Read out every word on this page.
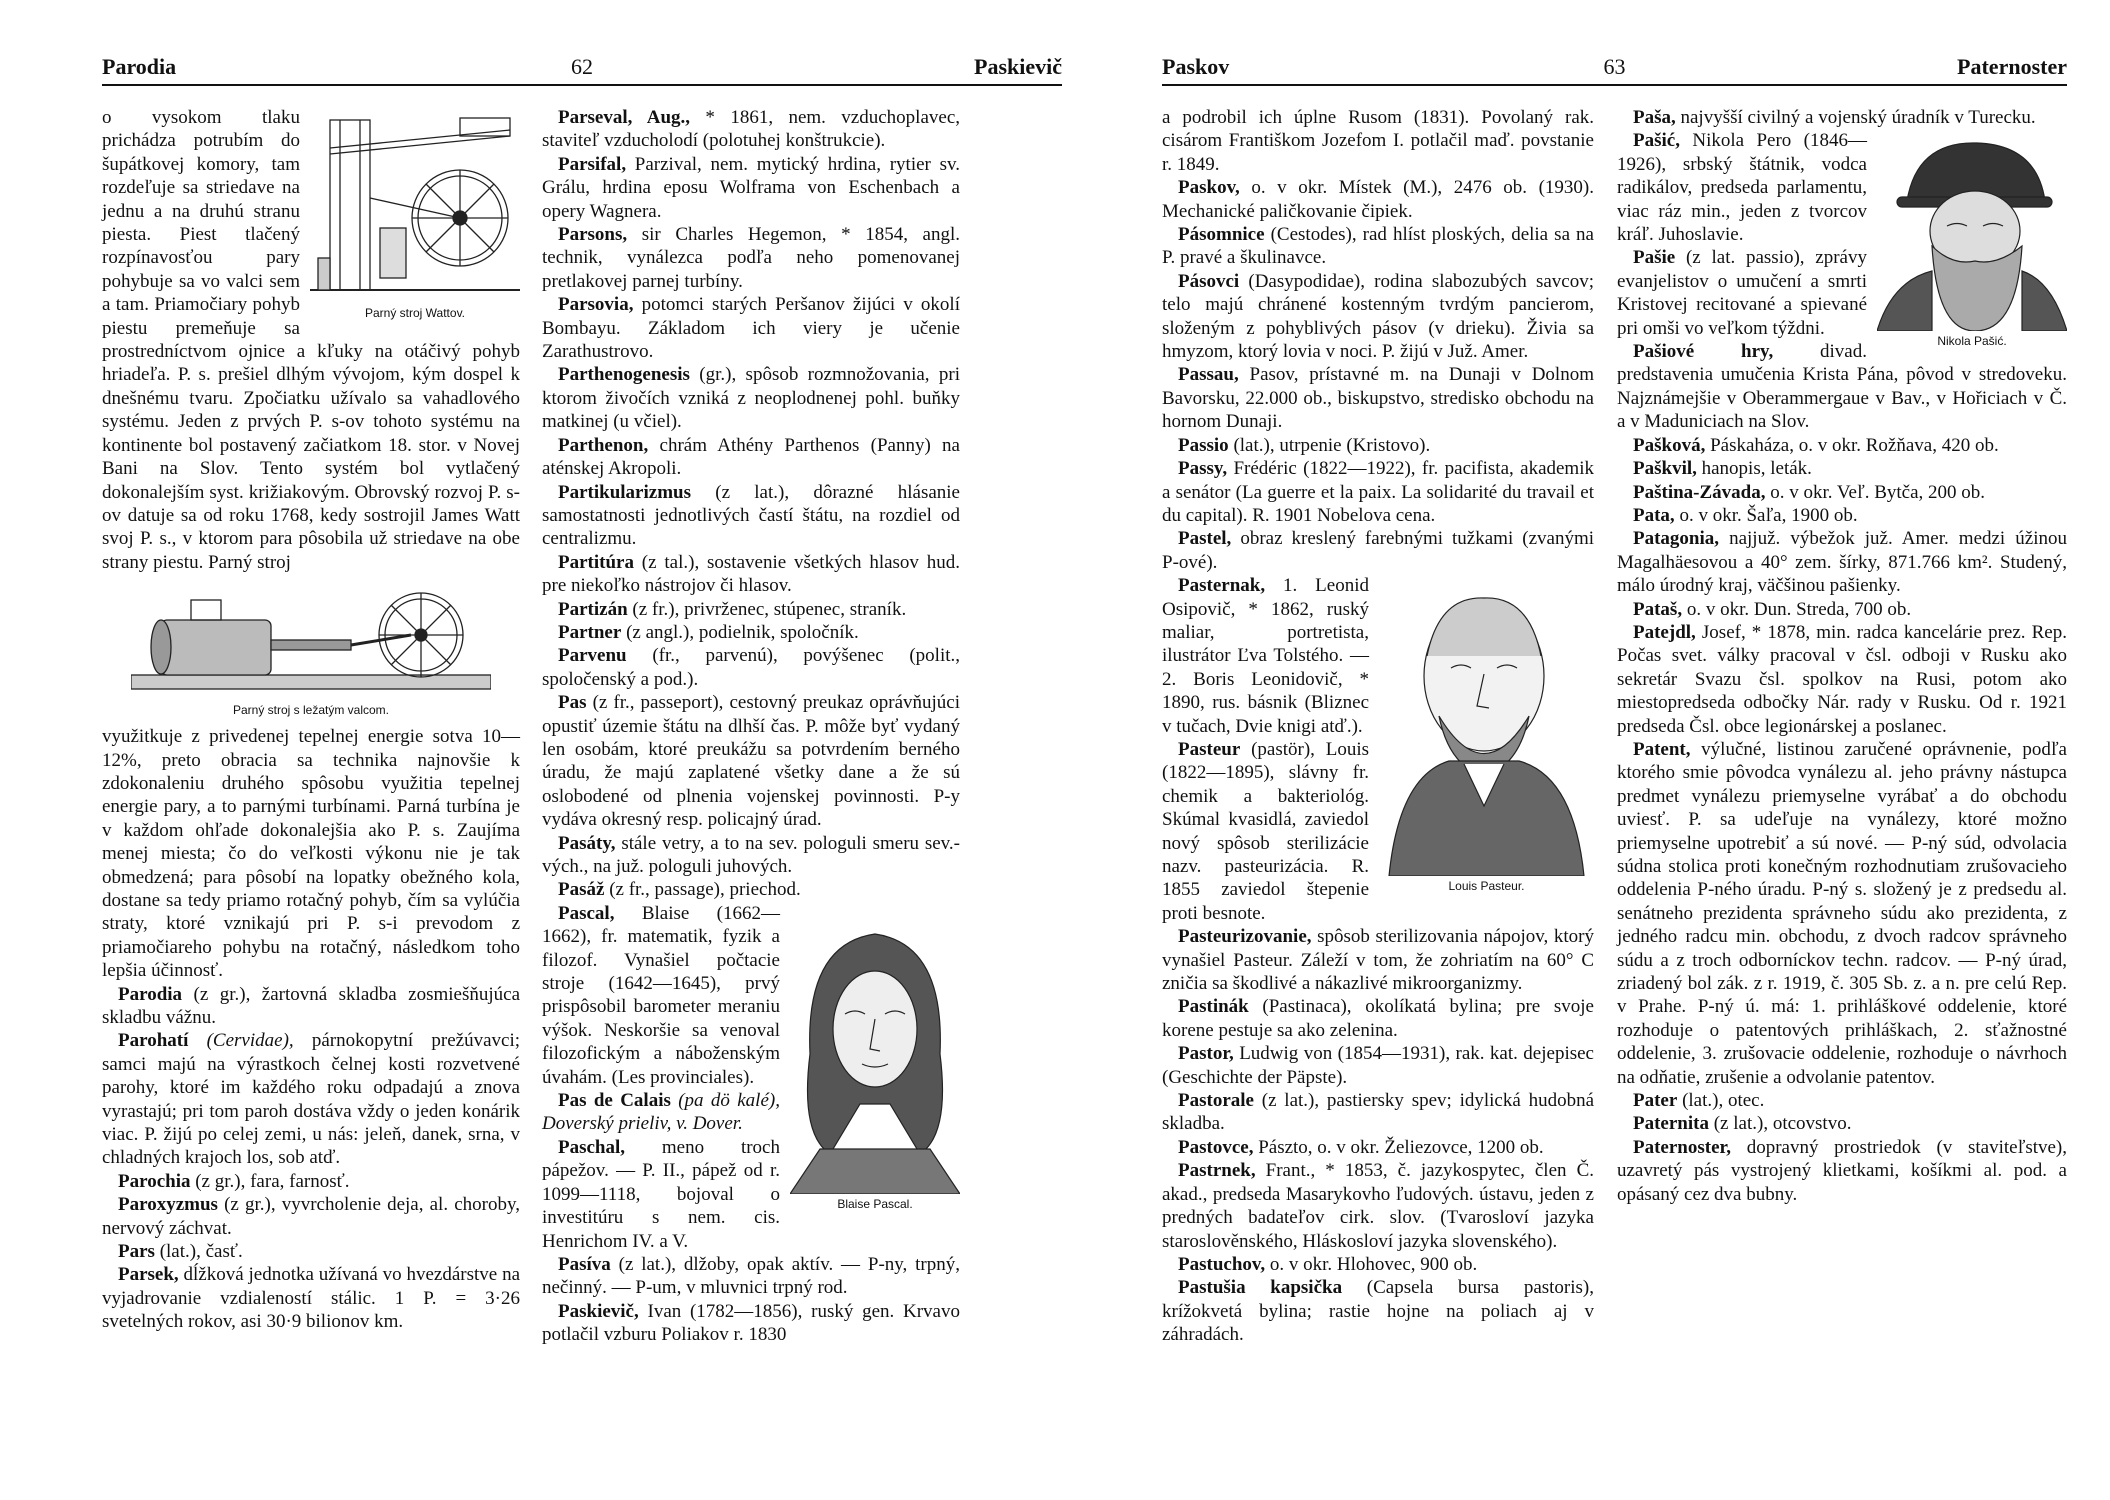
Parodia	62	Paskievič
Parný stroj Wattov.

o vysokom tlaku prichádza potrubím do šupátkovej komory, tam rozdeľuje sa striedave na jednu a na druhú stranu piesta. Piest tlačený rozpínavosťou pary pohybuje sa vo valci sem a tam. Priamočiary pohyb piestu premeňuje sa prostredníctvom ojnice a kľuky na otáčivý pohyb hriadeľa. P. s. prešiel dlhým vývojom, kým dospel k dnešnému tvaru. Zpočiatku užívalo sa vahadlového systému. Jeden z prvých P. s-ov tohoto systému na kontinente bol postavený začiatkom 18. stor. v Novej Bani na Slov. Tento systém bol vytlačený dokonalejším syst. križiakovým. Obrovský rozvoj P. s-ov datuje sa od roku 1768, kedy sostrojil James Watt svoj P. s., v ktorom para pôsobila už striedave na obe strany piestu. Parný stroj

Parný stroj s ležatým valcom.

využitkuje z privedenej tepelnej energie sotva 10—12%, preto obracia sa technika najnovšie k zdokonaleniu druhého spôsobu využitia tepelnej energie pary, a to parnými turbínami. Parná turbína je v každom ohľade dokonalejšia ako P. s. Zaujíma menej miesta; čo do veľkosti výkonu nie je tak obmedzená; para pôsobí na lopatky obežného kola, dostane sa tedy priamo rotačný pohyb, čím sa vylúčia straty, ktoré vznikajú pri P. s-i prevodom z priamočiareho pohybu na rotačný, následkom toho lepšia účinnosť.

Parodia (z gr.), žartovná skladba zosmiešňujúca skladbu vážnu.

Parohatí (Cervidae), párnokopytní prežúvavci; samci majú na výrastkoch čelnej kosti rozvetvené parohy, ktoré im každého roku odpadajú a znova vyrastajú; pri tom paroh dostáva vždy o jeden konárik viac. P. žijú po celej zemi, u nás: jeleň, danek, srna, v chladných krajoch los, sob atď.

Parochia (z gr.), fara, farnosť.

Paroxyzmus (z gr.), vyvrcholenie deja, al. choroby, nervový záchvat.

Pars (lat.), časť.

Parsek, dĺžková jednotka užívaná vo hvezdárstve na vyjadrovanie vzdialeností stálic. 1 P. = 3·26 svetelných rokov, asi 30·9 bilionov km.

Parseval, Aug., * 1861, nem. vzduchoplavec, staviteľ vzducholodí (polotuhej konštrukcie).

Parsifal, Parzival, nem. mytický hrdina, rytier sv. Grálu, hrdina eposu Wolframa von Eschenbach a opery Wagnera.

Parsons, sir Charles Hegemon, * 1854, angl. technik, vynálezca podľa neho pomenovanej pretlakovej parnej turbíny.

Parsovia, potomci starých Peršanov žijúci v okolí Bombayu. Základom ich viery je učenie Zarathustrovo.

Parthenogenesis (gr.), spôsob rozmnožovania, pri ktorom živočích vzniká z neoplodnenej pohl. buňky matkinej (u včiel).

Parthenon, chrám Athény Parthenos (Panny) na aténskej Akropoli.

Partikularizmus (z lat.), dôrazné hlásanie samostatnosti jednotlivých častí štátu, na rozdiel od centralizmu.

Partitúra (z tal.), sostavenie všetkých hlasov hud. pre niekoľko nástrojov či hlasov.

Partizán (z fr.), privrženec, stúpenec, straník.

Partner (z angl.), podielnik, spoločník.

Parvenu (fr., parvenú), povýšenec (polit., spoločenský a pod.).

Pas (z fr., passeport), cestovný preukaz oprávňujúci opustiť územie štátu na dlhší čas. P. môže byť vydaný len osobám, ktoré preukážu sa potvrdením berného úradu, že majú zaplatené všetky dane a že sú oslobodené od plnenia vojenskej povinnosti. P-y vydáva okresný resp. policajný úrad.

Pasáty, stále vetry, a to na sev. pologuli smeru sev.-vých., na juž. pologuli juhových.

Pasáž (z fr., passage), priechod.

Blaise Pascal.

Pascal, Blaise (1662—1662), fr. matematik, fyzik a filozof. Vynašiel počtacie stroje (1642—1645), prvý prispôsobil barometer meraniu výšok. Neskoršie sa venoval filozofickým a náboženským úvahám. (Les provinciales).

Pas de Calais (pa dö kalé), Doverský prieliv, v. Dover.

Paschal, meno troch pápežov. — P. II., pápež od r. 1099—1118, bojoval o investitúru s nem. cis. Henrichom IV. a V.

Pasíva (z lat.), dlžoby, opak aktív. — P-ny, trpný, nečinný. — P-um, v mluvnici trpný rod.

Paskievič, Ivan (1782—1856), ruský gen. Krvavo potlačil vzburu Poliakov r. 1830

Paskov	63	Paternoster

a podrobil ich úplne Rusom (1831). Povolaný rak. cisárom Františkom Jozefom I. potlačil maď. povstanie r. 1849.

Paskov, o. v okr. Místek (M.), 2476 ob. (1930). Mechanické paličkovanie čipiek.

Pásomnice (Cestodes), rad hlíst ploských, delia sa na P. pravé a škulinavce.

Pásovci (Dasypodidae), rodina slabozubých savcov; telo majú chránené kostenným tvrdým pancierom, složeným z pohyblivých pásov (v drieku). Živia sa hmyzom, ktorý lovia v noci. P. žijú v Juž. Amer.

Passau, Pasov, prístavné m. na Dunaji v Dolnom Bavorsku, 22.000 ob., biskupstvo, stredisko obchodu na hornom Dunaji.

Passio (lat.), utrpenie (Kristovo).

Passy, Frédéric (1822—1922), fr. pacifista, akademik a senátor (La guerre et la paix. La solidarité du travail et du capital). R. 1901 Nobelova cena.

Pastel, obraz kreslený farebnými tužkami (zvanými P-ové).

Louis Pasteur.

Pasternak, 1. Leonid Osipovič, * 1862, ruský maliar, portretista, ilustrátor Ľva Tolstého. — 2. Boris Leonidovič, * 1890, rus. básnik (Bliznec v tučach, Dvie knigi atď.).

Pasteur (pastör), Louis (1822—1895), slávny fr. chemik a bakteriológ. Skúmal kvasidlá, zaviedol nový spôsob sterilizácie nazv. pasteurizácia. R. 1855 zaviedol štepenie proti besnote.

Pasteurizovanie, spôsob sterilizovania nápojov, ktorý vynašiel Pasteur. Záleží v tom, že zohriatím na 60° C zničia sa škodlivé a nákazlivé mikroorganizmy.

Pastinák (Pastinaca), okolíkatá bylina; pre svoje korene pestuje sa ako zelenina.

Pastor, Ludwig von (1854—1931), rak. kat. dejepisec (Geschichte der Päpste).

Pastorale (z lat.), pastiersky spev; idylická hudobná skladba.

Pastovce, Pászto, o. v okr. Želiezovce, 1200 ob.

Pastrnek, Frant., * 1853, č. jazykospytec, člen Č. akad., predseda Masarykovho ľudových. ústavu, jeden z predných badateľov cirk. slov. (Tvarosloví jazyka staroslověnského, Hláskosloví jazyka slovenského).

Pastuchov, o. v okr. Hlohovec, 900 ob.

Pastušia kapsička (Capsela bursa pastoris), krížokvetá bylina; rastie hojne na poliach aj v záhradách.

Paša, najvyšší civilný a vojenský úradník v Turecku.

Nikola Pašić.

Pašić, Nikola Pero (1846—1926), srbský štátnik, vodca radikálov, predseda parlamentu, viac ráz min., jeden z tvorcov kráľ. Juhoslavie.

Pašie (z lat. passio), zprávy evanjelistov o umučení a smrti Kristovej recitované a spievané pri omši vo veľkom týždni.

Pašiové hry, divad. predstavenia umučenia Krista Pána, pôvod v stredoveku. Najznámejšie v Oberammergaue v Bav., v Hořiciach v Č. a v Maduniciach na Slov.

Pašková, Páskaháza, o. v okr. Rožňava, 420 ob.

Paškvil, hanopis, leták.

Paština-Závada, o. v okr. Veľ. Bytča, 200 ob.

Pata, o. v okr. Šaľa, 1900 ob.

Patagonia, najjuž. výbežok juž. Amer. medzi úžinou Magalhäesovou a 40° zem. šírky, 871.766 km². Studený, málo úrodný kraj, väčšinou pašienky.

Pataš, o. v okr. Dun. Streda, 700 ob.

Patejdl, Josef, * 1878, min. radca kancelárie prez. Rep. Počas svet. války pracoval v čsl. odboji v Rusku ako sekretár Svazu čsl. spolkov na Rusi, potom ako miestopredseda odbočky Nár. rady v Rusku. Od r. 1921 predseda Čsl. obce legionárskej a poslanec.

Patent, výlučné, listinou zaručené oprávnenie, podľa ktorého smie pôvodca vynálezu al. jeho právny nástupca predmet vynálezu priemyselne vyrábať a do obchodu uviesť. P. sa udeľuje na vynálezy, ktoré možno priemyselne upotrebiť a sú nové. — P-ný súd, odvolacia súdna stolica proti konečným rozhodnutiam zrušovacieho oddelenia P-ného úradu. P-ný s. složený je z predsedu al. senátneho prezidenta správneho súdu ako prezidenta, z jedného radcu min. obchodu, z dvoch radcov správneho súdu a z troch odborníckov techn. radcov. — P-ný úrad, zriadený bol zák. z r. 1919, č. 305 Sb. z. a n. pre celú Rep. v Prahe. P-ný ú. má: 1. prihláškové oddelenie, ktoré rozhoduje o patentových prihláškach, 2. sťažnostné oddelenie, 3. zrušovacie oddelenie, rozhoduje o návrhoch na odňatie, zrušenie a odvolanie patentov.

Pater (lat.), otec.

Paternita (z lat.), otcovstvo.

Paternoster, dopravný prostriedok (v staviteľstve), uzavretý pás vystrojený klietkami, košíkmi al. pod. a opásaný cez dva bubny.
